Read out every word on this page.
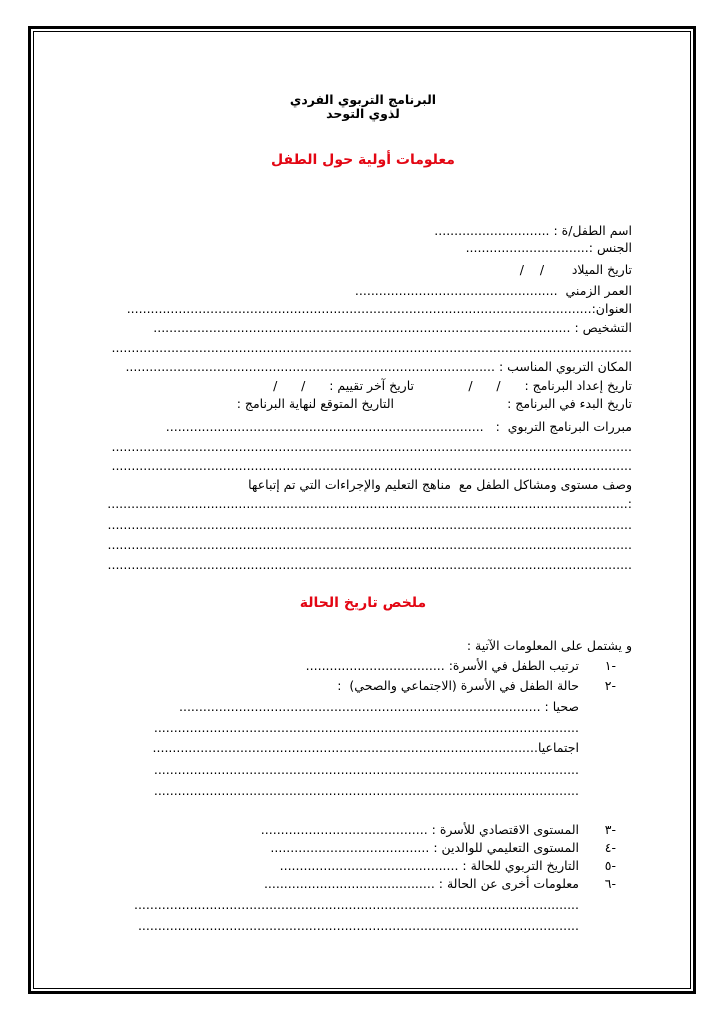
البرنامج التربوي الفردي
لذوي التوحد
معلومات أولية حول الطفل
اسم الطفل/ة : .............................
الجنس :...............................
تاريخ الميلاد       /    /
العمر الزمني  ...................................................
العنوان:.....................................................................................................................
التشخيص : .........................................................................................................
...................................................................................................................................
المكان التربوي المناسب : .............................................................................................
تاريخ إعداد البرنامج :      /      /
تاريخ آخر تقييم :      /      /
تاريخ البدء في البرنامج :
التاريخ المتوقع لنهاية البرنامج :
مبررات البرنامج التربوي  :   ................................................................................
...................................................................................................................................
...................................................................................................................................
وصف مستوى ومشاكل الطفل مع  مناهج التعليم والإجراءات التي تم إتباعها
:...................................................................................................................................
....................................................................................................................................
....................................................................................................................................
....................................................................................................................................
ملخص تاريخ الحالة
و يشتمل على المعلومات الآتية :
-١
ترتيب الطفل في الأسرة: ...................................
-٢
حالة الطفل في الأسرة (الاجتماعي والصحي)  :
صحيا : ...........................................................................................
...........................................................................................................
اجتماعيا.................................................................................................
...........................................................................................................
...........................................................................................................
-٣
المستوى الاقتصادي للأسرة : ..........................................
-٤
المستوى التعليمي للوالدين : ........................................
-٥
التاريخ التربوي للحالة : .............................................
-٦
معلومات أخرى عن الحالة : ...........................................
................................................................................................................
...............................................................................................................
